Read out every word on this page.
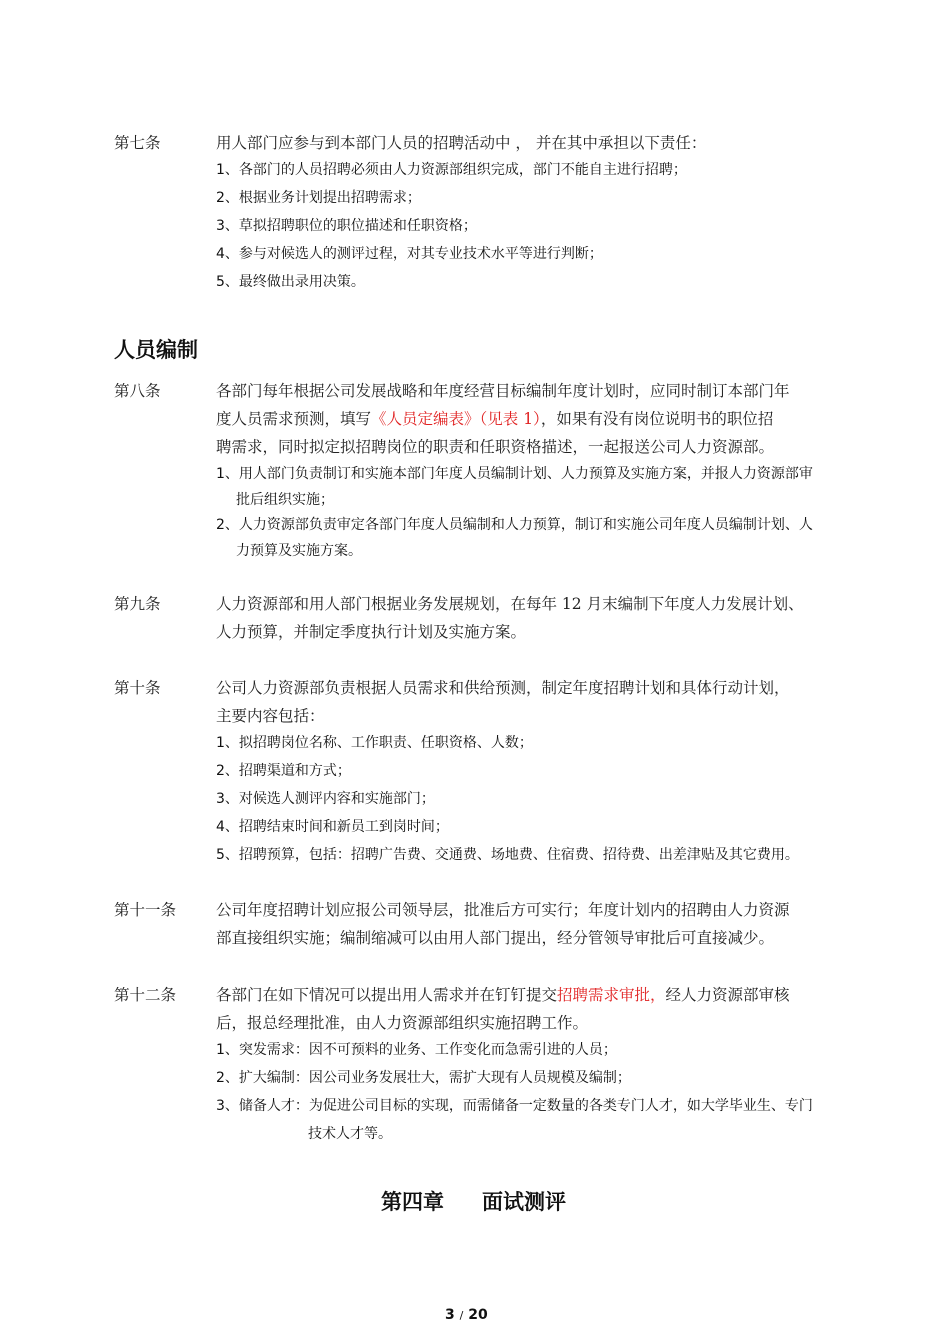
第七条	用人部门应参与到本部门人员的招聘活动中 ， 并在其中承担以下责任：
1、各部门的人员招聘必须由人力资源部组织完成，部门不能自主进行招聘；
2、根据业务计划提出招聘需求；
3、草拟招聘职位的职位描述和任职资格；
4、参与对候选人的测评过程，对其专业技术水平等进行判断；
5、最终做出录用决策。
人员编制
第八条	各部门每年根据公司发展战略和年度经营目标编制年度计划时，应同时制订本部门年
度人员需求预测，填写《人员定编表》（见表 1），如果有没有岗位说明书的职位招
聘需求，同时拟定拟招聘岗位的职责和任职资格描述，一起报送公司人力资源部。
1、用人部门负责制订和实施本部门年度人员编制计划、人力预算及实施方案，并报人力资源部审
批后组织实施；
2、人力资源部负责审定各部门年度人员编制和人力预算，制订和实施公司年度人员编制计划、人
力预算及实施方案。
第九条	人力资源部和用人部门根据业务发展规划，在每年 12 月末编制下年度人力发展计划、
人力预算，并制定季度执行计划及实施方案。
第十条	公司人力资源部负责根据人员需求和供给预测，制定年度招聘计划和具体行动计划，
主要内容包括：
1、拟招聘岗位名称、工作职责、任职资格、人数；
2、招聘渠道和方式；
3、对候选人测评内容和实施部门；
4、招聘结束时间和新员工到岗时间；
5、招聘预算，包括：招聘广告费、交通费、场地费、住宿费、招待费、出差津贴及其它费用。
第十一条	公司年度招聘计划应报公司领导层，批准后方可实行；年度计划内的招聘由人力资源
部直接组织实施；编制缩减可以由用人部门提出，经分管领导审批后可直接减少。
第十二条	各部门在如下情况可以提出用人需求并在钉钉提交招聘需求审批，经人力资源部审核
后，报总经理批准，由人力资源部组织实施招聘工作。
1、突发需求：因不可预料的业务、工作变化而急需引进的人员；
2、扩大编制：因公司业务发展壮大，需扩大现有人员规模及编制；
3、储备人才：为促进公司目标的实现，而需储备一定数量的各类专门人才，如大学毕业生、专门
技术人才等。
第四章 面试测评
3 / 20
